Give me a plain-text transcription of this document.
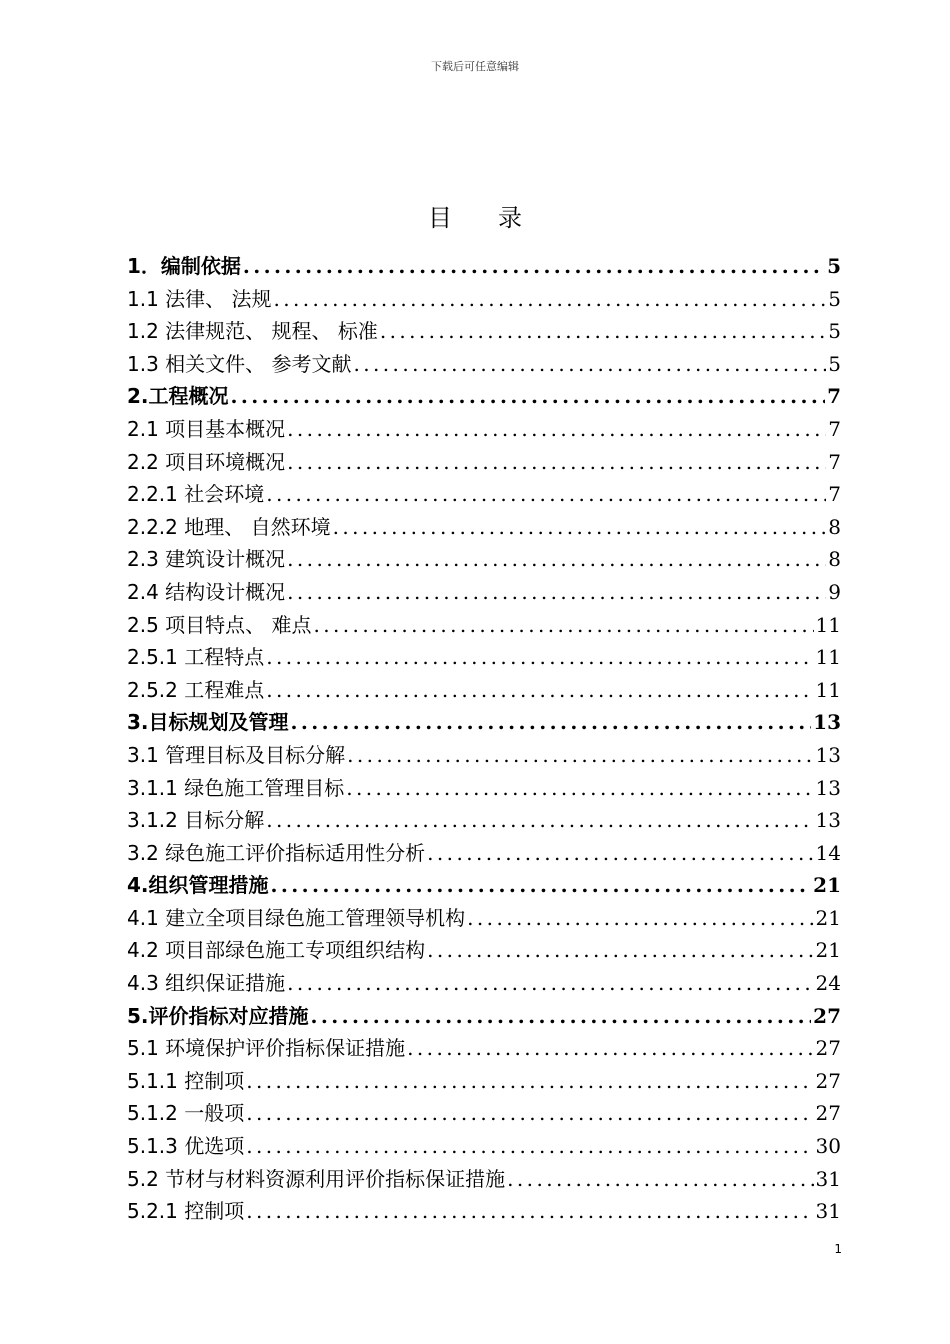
下载后可任意编辑
目录
1．编制依据 .....	5
1.1 法律、 法规 .....	5
1.2 法律规范、 规程、 标准 .....	5
1.3 相关文件、 参考文献 .....	5
2.工程概况 .....	7
2.1 项目基本概况 .....	7
2.2 项目环境概况 .....	7
2.2.1 社会环境 .....	7
2.2.2 地理、 自然环境 .....	8
2.3 建筑设计概况 .....	8
2.4 结构设计概况 .....	9
2.5 项目特点、 难点 .....	11
2.5.1 工程特点 .....	11
2.5.2 工程难点 .....	11
3.目标规划及管理 .....	13
3.1 管理目标及目标分解 .....	13
3.1.1 绿色施工管理目标 .....	13
3.1.2 目标分解 .....	13
3.2 绿色施工评价指标适用性分析 .....	14
4.组织管理措施 .....	21
4.1 建立全项目绿色施工管理领导机构 .....	21
4.2 项目部绿色施工专项组织结构 .....	21
4.3 组织保证措施 .....	24
5.评价指标对应措施 .....	27
5.1 环境保护评价指标保证措施 .....	27
5.1.1 控制项 .....	27
5.1.2 一般项 .....	27
5.1.3 优选项 .....	30
5.2 节材与材料资源利用评价指标保证措施 .....	31
5.2.1 控制项 .....	31
1
